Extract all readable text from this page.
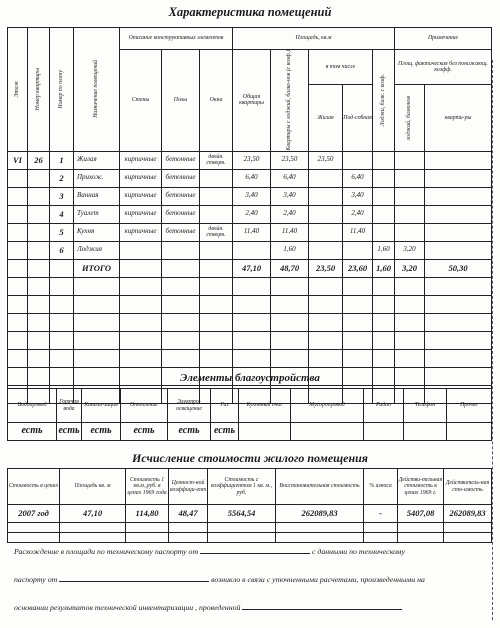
Характеристика помещений
Этаж	Номер квартиры	Номер по плану	Назначение помещений	Описание конструктивных элементов			Площадь, кв.м					Примечание	
				Стены	Полы	Окна	Общая квартиры	Квартиры с лоджий, балко-нов (с коэф.)	в том числе		Лоджи, балк. с коэф.	Площ. фактическая без понижающ. коэфф.	
									Жилая	Под-собная		лоджий, балконов	кварти-ры
VI	26	1	Жилая	кирпичные	бетонные	двойн. створн.	23,50	23,50	23,50				
		2	Прихож.	кирпичные	бетонные		6,40	6,40		6,40			
		3	Ванная	кирпичные	бетонные		3,40	3,40		3,40			
		4	Туалет	кирпичные	бетонные		2,40	2,40		2,40			
		5	Кухня	кирпичные	бетонные	двойн. створн.	11,40	11,40		11,40			
		6	Лоджия					1,60			1,60	3,20	
			ИТОГО				47,10	48,70	23,50	23,60	1,60	3,20	50,30

Элементы благоустройства
Водопровод	Горячая вода	Канали-зация	Отопление	Электро-освещение	Газ	Кухонный очаг	Мусоропровод	Радио	Телефон	Прочее
есть	есть	есть	есть	есть	есть					
Исчисление стоимости жилого помещения
Стоимость в ценах	Площадь кв. м	Стоимость 1 кв.м.,руб. в ценах 1969 года	Ценност-ной коэффици-ент	Стоимость с коэффициентом 1 кв. м., руб.	Восстановительная стоимость	% износа	Действи-тельная стоимость в ценах 1969 г.	Действитель-ная сто-имость
2007 год	47,10	114,80	48,47	5564,54	262089,83	-	5407,08	262089,83

Расхождение в площади по техническому паспорту от	с данными по техническому
паспорту от	возникло в связи с уточненными расчетами, произведенными на
основании результатов технической инвентаризации , проведенной
